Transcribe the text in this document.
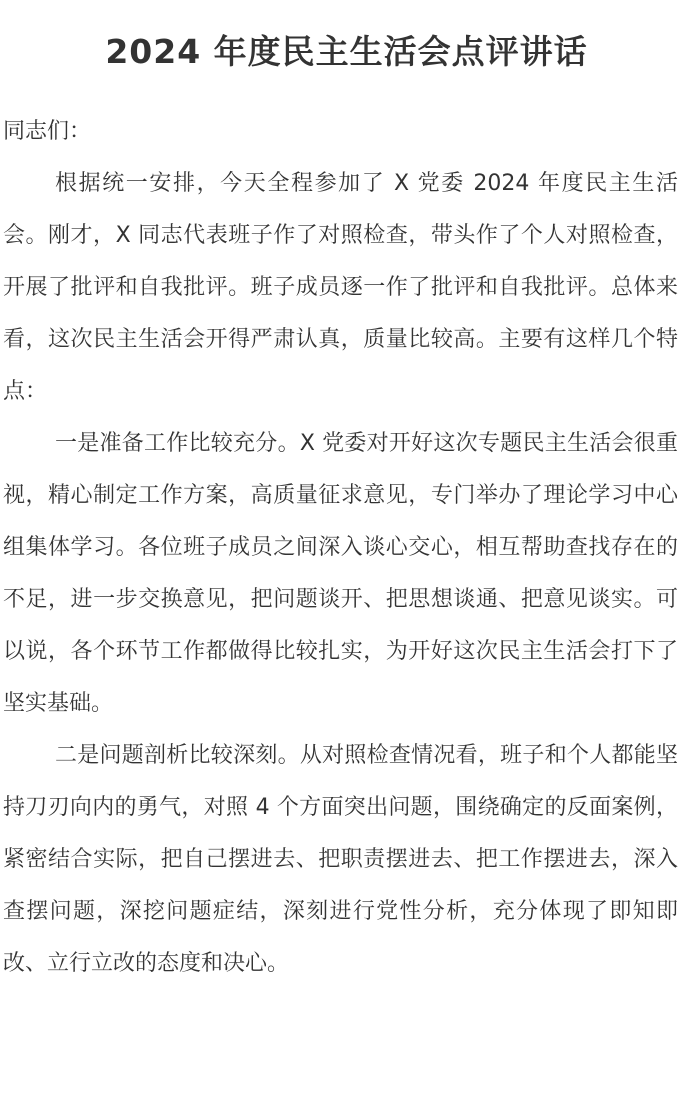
2024 年度民主生活会点评讲话

同志们：

根据统一安排，今天全程参加了 X 党委 2024 年度民主生活会。刚才，X 同志代表班子作了对照检查，带头作了个人对照检查，开展了批评和自我批评。班子成员逐一作了批评和自我批评。总体来看，这次民主生活会开得严肃认真，质量比较高。主要有这样几个特点：

一是准备工作比较充分。X 党委对开好这次专题民主生活会很重视，精心制定工作方案，高质量征求意见，专门举办了理论学习中心组集体学习。各位班子成员之间深入谈心交心，相互帮助查找存在的不足，进一步交换意见，把问题谈开、把思想谈通、把意见谈实。可以说，各个环节工作都做得比较扎实，为开好这次民主生活会打下了坚实基础。

二是问题剖析比较深刻。从对照检查情况看，班子和个人都能坚持刀刃向内的勇气，对照 4 个方面突出问题，围绕确定的反面案例，紧密结合实际，把自己摆进去、把职责摆进去、把工作摆进去，深入查摆问题，深挖问题症结，深刻进行党性分析，充分体现了即知即改、立行立改的态度和决心。
